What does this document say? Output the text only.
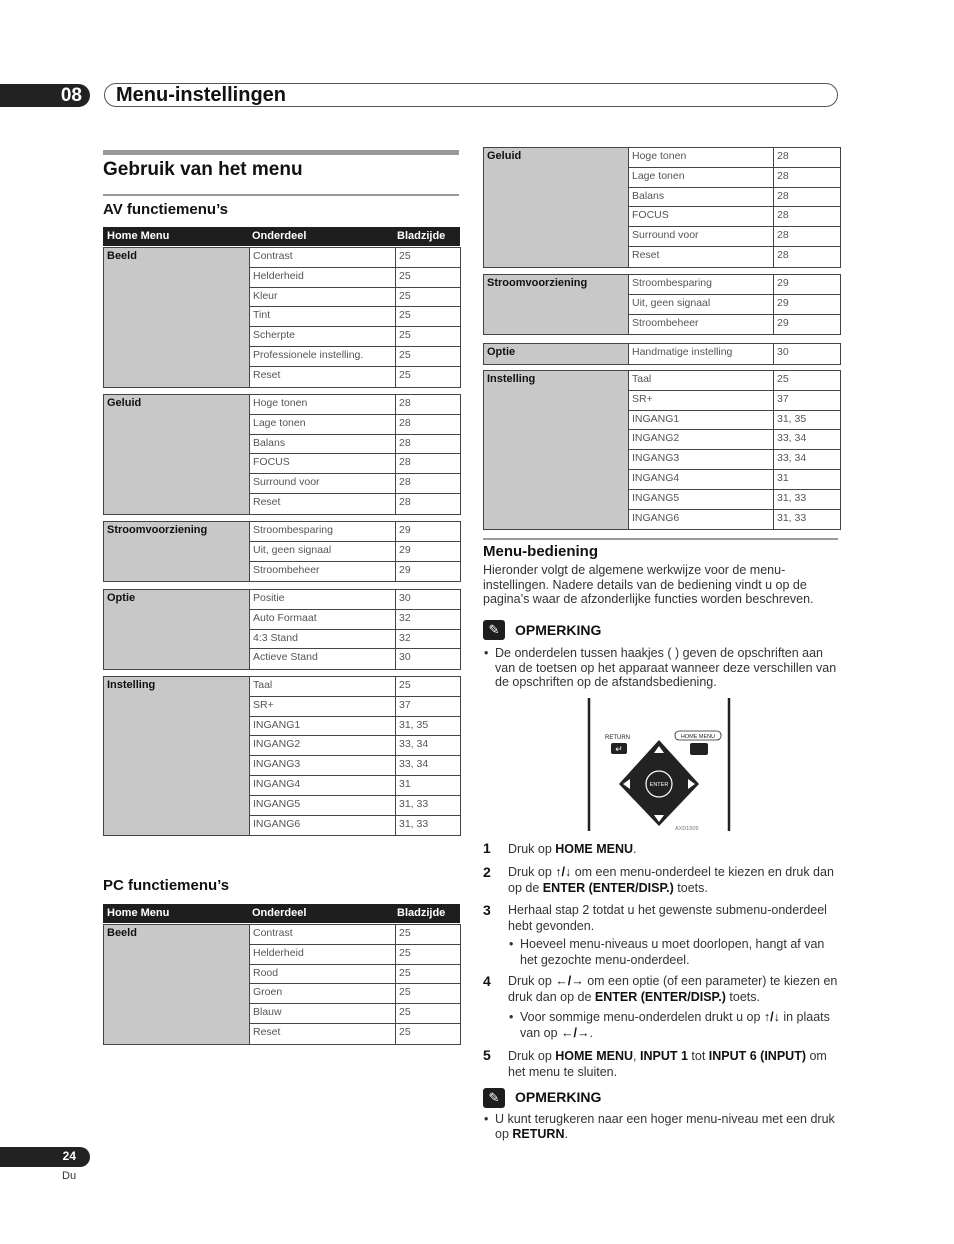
08 Menu-instellingen
Gebruik van het menu
AV functiemenu’s
Home Menu	Onderdeel	Bladzijde
Beeld	Contrast	25
Helderheid	25
Kleur	25
Tint	25
Scherpte	25
Professionele instelling.	25
Reset	25
Geluid	Hoge tonen	28
Lage tonen	28
Balans	28
FOCUS	28
Surround voor	28
Reset	28
Stroomvoorziening	Stroombesparing	29
Uit, geen signaal	29
Stroombeheer	29
Optie	Positie	30
Auto Formaat	32
4:3 Stand	32
Actieve Stand	30
Instelling	Taal	25
SR+	37
INGANG1	31, 35
INGANG2	33, 34
INGANG3	33, 34
INGANG4	31
INGANG5	31, 33
INGANG6	31, 33
PC functiemenu’s
Home Menu	Onderdeel	Bladzijde
Beeld	Contrast	25
Helderheid	25
Rood	25
Groen	25
Blauw	25
Reset	25
Geluid	Hoge tonen	28
Lage tonen	28
Balans	28
FOCUS	28
Surround voor	28
Reset	28
Stroomvoorziening	Stroombesparing	29
Uit, geen signaal	29
Stroombeheer	29
Optie	Handmatige instelling	30
Instelling	Taal	25
SR+	37
INGANG1	31, 35
INGANG2	33, 34
INGANG3	33, 34
INGANG4	31
INGANG5	31, 33
INGANG6	31, 33
Menu-bediening
Hieronder volgt de algemene werkwijze voor de menu-instellingen. Nadere details van de bediening vindt u op de pagina’s waar de afzonderlijke functies worden beschreven.
✎	OPMERKING
• De onderdelen tussen haakjes ( ) geven de opschriften aan van de toetsen op het apparaat wanneer deze verschillen van de opschriften op de afstandsbediening.
RETURN
↵
HOME MENU
ENTER
AXD1509
1 Druk op HOME MENU.
2 Druk op ↑/↓ om een menu-onderdeel te kiezen en druk dan op de ENTER (ENTER/DISP.) toets.
3 Herhaal stap 2 totdat u het gewenste submenu-onderdeel hebt gevonden.
• Hoeveel menu-niveaus u moet doorlopen, hangt af van het gezochte menu-onderdeel.
4 Druk op ←/→ om een optie (of een parameter) te kiezen en druk dan op de ENTER (ENTER/DISP.) toets.
• Voor sommige menu-onderdelen drukt u op ↑/↓ in plaats van op ←/→.
5 Druk op HOME MENU, INPUT 1 tot INPUT 6 (INPUT) om het menu te sluiten.
✎	OPMERKING
• U kunt terugkeren naar een hoger menu-niveau met een druk op RETURN.
24
Du
